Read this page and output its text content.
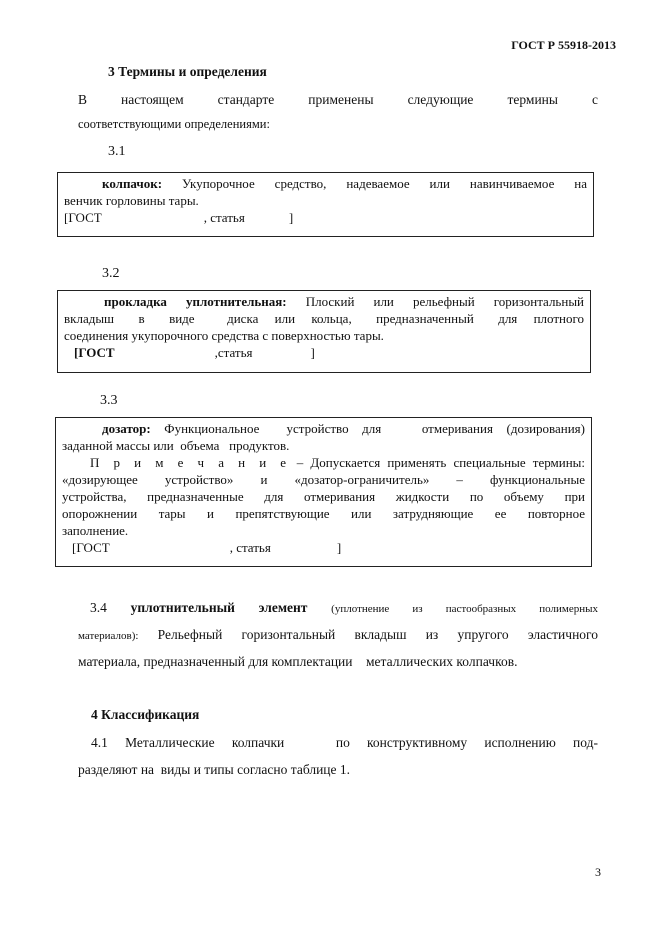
ГОСТ Р 55918-2013
3 Термины и определения
В      настоящем      стандарте      применены      следующие      термины      с
соответствующими определениями:
3.1
колпачок: Укупорочное средство, надеваемое или навинчиваемое на
венчик горловины тары.
[ГОСТ	, статья	]
3.2
прокладка уплотнительная: Плоский или рельефный горизонтальный
вкладыш   в   виде    диска  или  кольца,   предназначенный   для  плотного
соединения укупорочного средства с поверхностью тары.
[ГОСТ	,статья	]
3.3
дозатор: Функциональное  устройство для   отмеривания (дозирования)
заданной массы или  объема   продуктов.
П р и м е ч а н и е – Допускается применять специальные термины:
«дозирующее  устройство»  и  «дозатор-ограничитель»  –  функциональные
устройства, предназначенные для отмеривания жидкости по объему при
опорожнении тары и препятствующие или затрудняющие ее повторное
заполнение.
[ГОСТ	, статья	]
3.4 уплотнительный элемент (уплотнение из пастообразных полимерных
материалов): Рельефный горизонтальный вкладыш из упругого эластичного
материала, предназначенный для комплектации    металлических колпачков.
4 Классификация
4.1  Металлические  колпачки      по  конструктивному  исполнению  под-
разделяют на  виды и типы согласно таблице 1.
3
